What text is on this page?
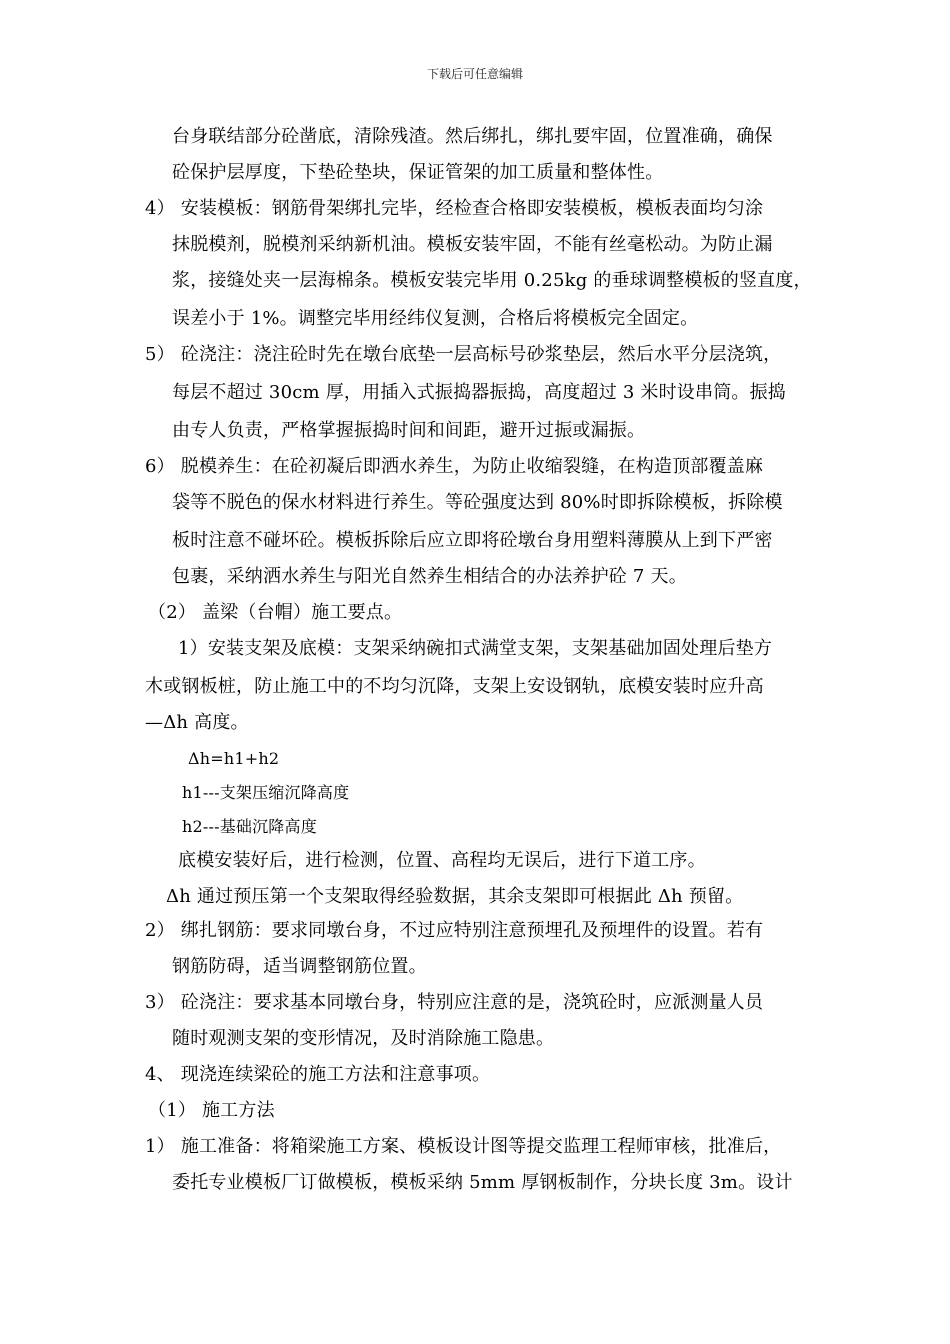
下载后可任意编辑
台身联结部分砼凿底，清除残渣。然后绑扎，绑扎要牢固，位置准确，确保
砼保护层厚度，下垫砼垫块，保证管架的加工质量和整体性。
4） 安装模板：钢筋骨架绑扎完毕，经检查合格即安装模板，模板表面均匀涂
抹脱模剂，脱模剂采纳新机油。模板安装牢固，不能有丝毫松动。为防止漏
浆，接缝处夹一层海棉条。模板安装完毕用 0.25kg 的垂球调整模板的竖直度，
误差小于 1%。调整完毕用经纬仪复测，合格后将模板完全固定。
5） 砼浇注：浇注砼时先在墩台底垫一层高标号砂浆垫层，然后水平分层浇筑，
每层不超过 30cm 厚，用插入式振捣器振捣，高度超过 3 米时设串筒。振捣
由专人负责，严格掌握振捣时间和间距，避开过振或漏振。
6） 脱模养生：在砼初凝后即洒水养生，为防止收缩裂缝，在构造顶部覆盖麻
袋等不脱色的保水材料进行养生。等砼强度达到 80%时即拆除模板，拆除模
板时注意不碰坏砼。模板拆除后应立即将砼墩台身用塑料薄膜从上到下严密
包裹，采纳洒水养生与阳光自然养生相结合的办法养护砼 7 天。
（2） 盖梁（台帽）施工要点。
1）安装支架及底模：支架采纳碗扣式满堂支架，支架基础加固处理后垫方
木或钢板桩，防止施工中的不均匀沉降，支架上安设钢轨，底模安装时应升高
—Δh 高度。
Δh=h1+h2
h1---支架压缩沉降高度
h2---基础沉降高度
底模安装好后，进行检测，位置、高程均无误后，进行下道工序。
Δh 通过预压第一个支架取得经验数据，其余支架即可根据此 Δh 预留。
2） 绑扎钢筋：要求同墩台身，不过应特别注意预埋孔及预埋件的设置。若有
钢筋防碍，适当调整钢筋位置。
3） 砼浇注：要求基本同墩台身，特别应注意的是，浇筑砼时，应派测量人员
随时观测支架的变形情况，及时消除施工隐患。
4、 现浇连续梁砼的施工方法和注意事项。
（1） 施工方法
1） 施工准备：将箱梁施工方案、模板设计图等提交监理工程师审核，批准后，
委托专业模板厂订做模板，模板采纳 5mm 厚钢板制作，分块长度 3m。设计
